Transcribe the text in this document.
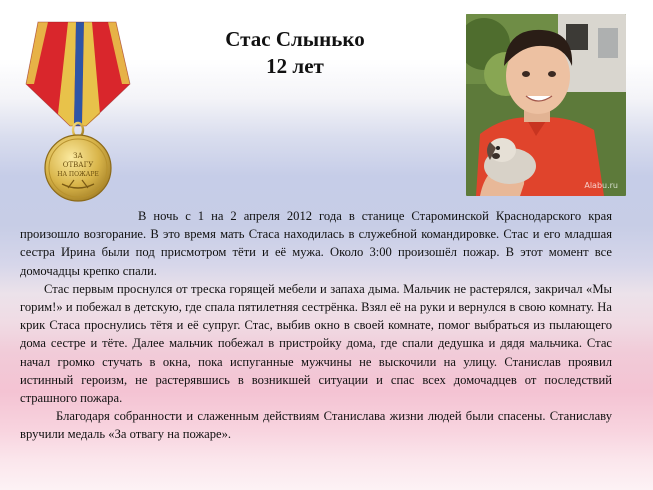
ЗА
ОТВАГУ
НА ПОЖАРЕ
Стас Слынько
12 лет
Alabu.ru

В ночь с 1 на 2 апреля 2012 года в станице Староминской Краснодарского края произошло возгорание. В это время мать Стаса находилась в служебной командировке. Стас и его младшая сестра Ирина были под присмотром тёти и её мужа. Около 3:00 произошёл пожар. В этот момент все домочадцы крепко спали.

Стас первым проснулся от треска горящей мебели и запаха дыма. Мальчик не растерялся, закричал «Мы горим!» и побежал в детскую, где спала пятилетняя сестрёнка. Взял её на руки и вернулся в свою комнату. На крик Стаса проснулись тётя и её супруг. Стас, выбив окно в своей комнате, помог выбраться из пылающего дома сестре и тёте. Далее мальчик побежал в пристройку дома, где спали дедушка и дядя мальчика. Стас начал громко стучать в окна, пока испуганные мужчины не выскочили на улицу. Станислав проявил истинный героизм, не растерявшись в возникшей ситуации и спас всех домочадцев от последствий страшного пожара.

Благодаря собранности и слаженным действиям Станислава жизни людей были спасены. Станиславу вручили медаль «За отвагу на пожаре».
